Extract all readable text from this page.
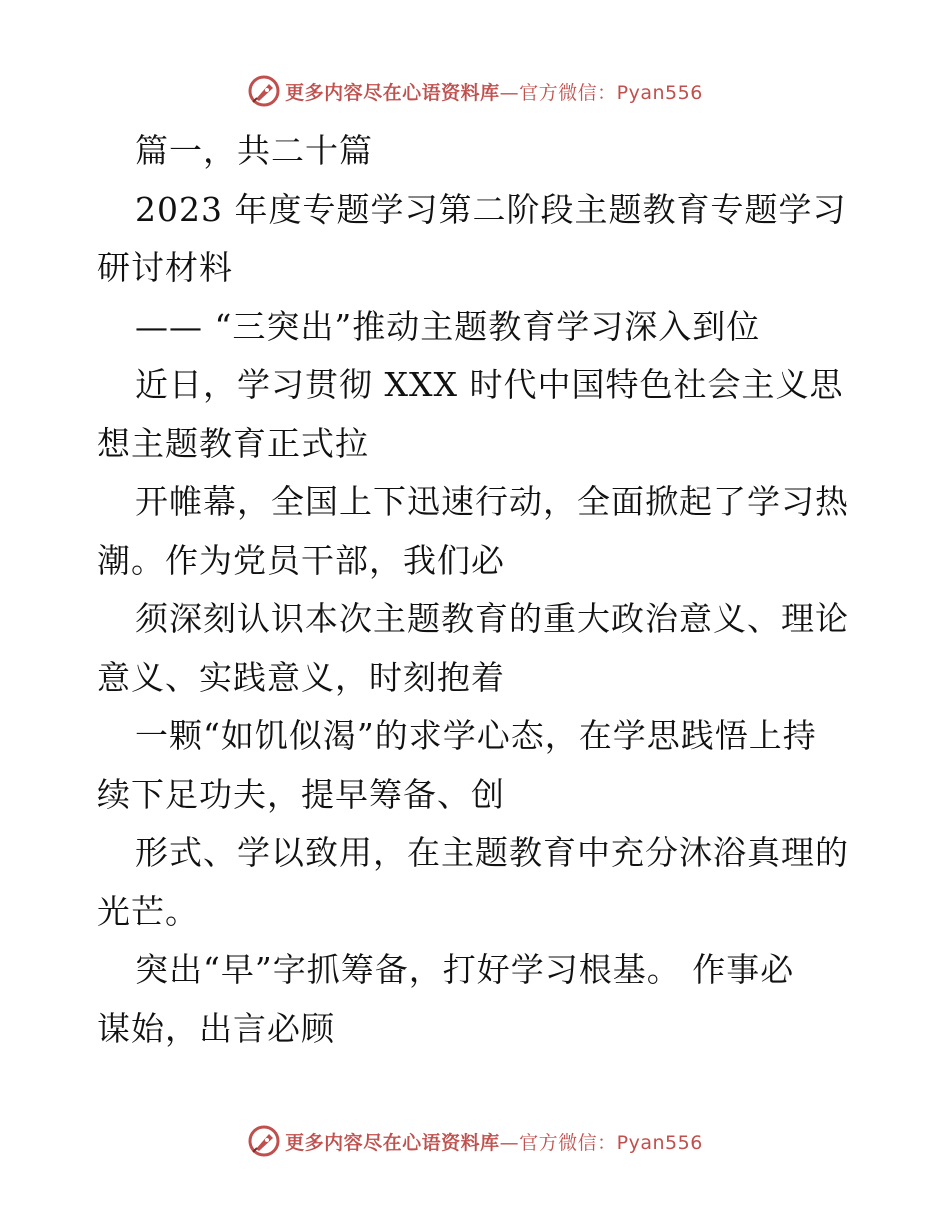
更多内容尽在心语资料库—官方微信：Pyan556
篇一，共二十篇
2023 年度专题学习第二阶段主题教育专题学习
研讨材料
—— “三突出”推动主题教育学习深入到位
近日，学习贯彻 XXX 时代中国特色社会主义思
想主题教育正式拉
开帷幕，全国上下迅速行动，全面掀起了学习热
潮。作为党员干部，我们必
须深刻认识本次主题教育的重大政治意义、理论
意义、实践意义，时刻抱着
一颗“如饥似渴”的求学心态，在学思践悟上持
续下足功夫，提早筹备、创
形式、学以致用，在主题教育中充分沐浴真理的
光芒。
突出“早”字抓筹备，打好学习根基。 作事必
谋始，出言必顾
更多内容尽在心语资料库—官方微信：Pyan556
